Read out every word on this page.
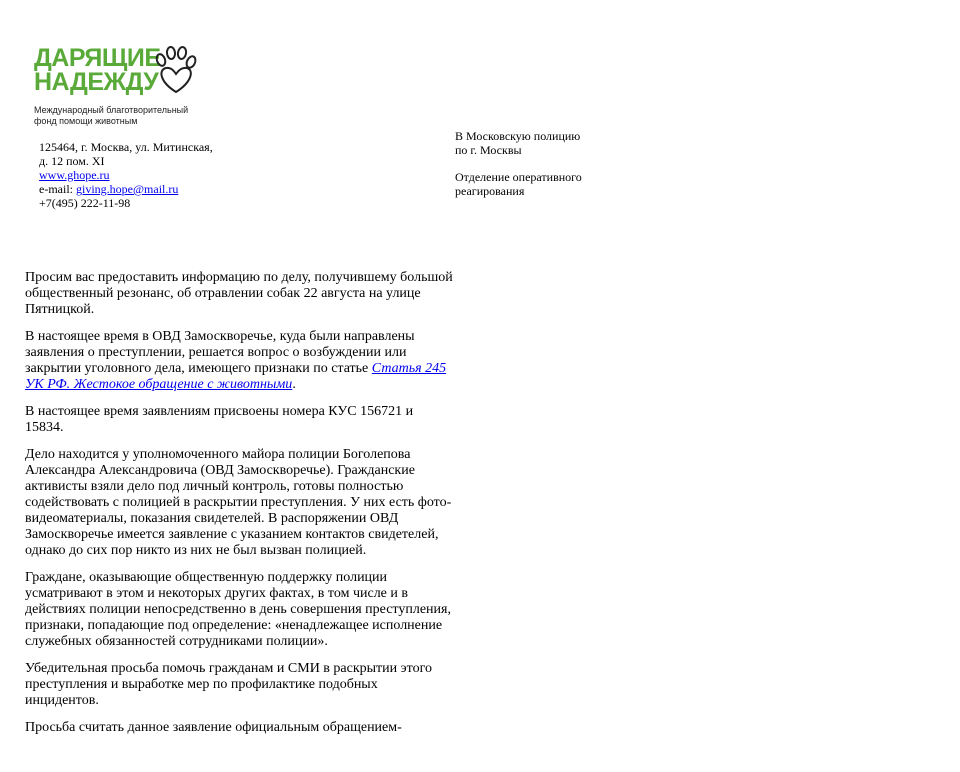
ДАРЯЩИЕ
НАДЕЖДУ
Международный благотворительный
фонд помощи животным
125464, г. Москва, ул. Митинская,
д. 12 пом. XI
www.ghope.ru
e-mail: giving.hope@mail.ru
+7(495) 222-11-98
В Московскую полицию
по г. Москвы
Отделение оперативного
реагирования

Просим вас предоставить информацию по делу, получившему большой общественный резонанс, об отравлении собак 22 августа на улице Пятницкой.

В настоящее время в ОВД Замоскворечье, куда были направлены заявления о преступлении, решается вопрос о возбуждении или закрытии уголовного дела, имеющего признаки по статье Статья 245 УК РФ. Жестокое обращение с животными.

В настоящее время заявлениям присвоены номера КУС 156721 и 15834.

Дело находится у уполномоченного майора полиции Боголепова Александра Александровича (ОВД Замоскворечье). Гражданские активисты взяли дело под личный контроль, готовы полностью содействовать с полицией в раскрытии преступления. У них есть фото-видеоматериалы, показания свидетелей. В распоряжении ОВД Замоскворечье имеется заявление с указанием контактов свидетелей, однако до сих пор никто из них не был вызван полицией.

Граждане, оказывающие общественную поддержку полиции усматривают в этом и некоторых других фактах, в том числе и в действиях полиции непосредственно в день совершения преступления, признаки, попадающие под определение: «ненадлежащее исполнение служебных обязанностей сотрудниками полиции».

Убедительная просьба помочь гражданам и СМИ в раскрытии этого преступления и выработке мер по профилактике подобных инцидентов.

Просьба считать данное заявление официальным обращением-
